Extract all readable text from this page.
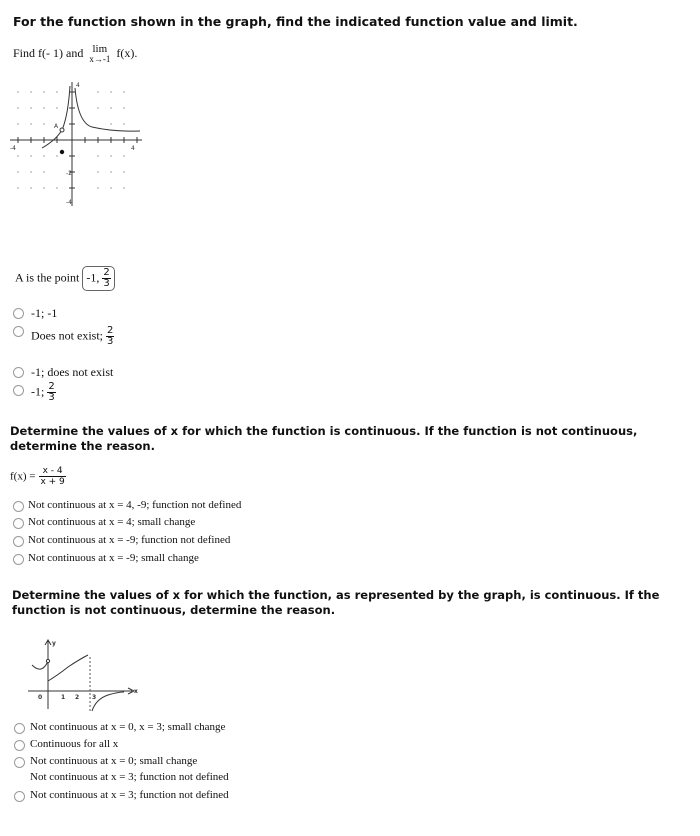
For the function shown in the graph, find the indicated function value and limit.
Find f(- 1) and lim
x→-1 f(x).
A
-4	4
4
-2
-4
A is the point -1, $\frac{2}{3}$
-1; -1
Does not exist; $\frac{2}{3}$
-1; does not exist
-1; $\frac{2}{3}$
Determine the values of x for which the function is continuous. If the function is not continuous, determine the reason.
$f(x) = \frac{x - 4}{x + 9}$
Not continuous at x = 4, -9; function not defined
Not continuous at x = 4; small change
Not continuous at x = -9; function not defined
Not continuous at x = -9; small change
Determine the values of x for which the function, as represented by the graph, is continuous. If the function is not continuous, determine the reason.
y
x
0	1 2 3
Not continuous at x = 0, x = 3; small change
Continuous for all x
Not continuous at x = 0; small change
Not continuous at x = 3; function not defined
Not continuous at x = 3; function not defined
